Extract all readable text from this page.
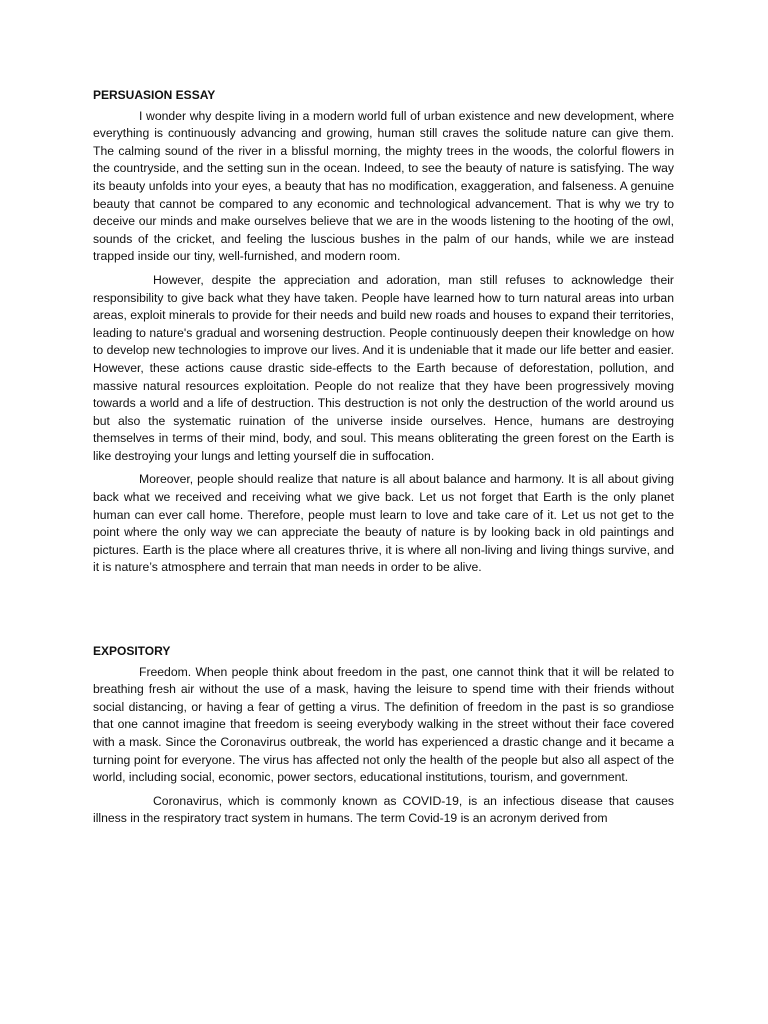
PERSUASION ESSAY

I wonder why despite living in a modern world full of urban existence and new development, where everything is continuously advancing and growing, human still craves the solitude nature can give them. The calming sound of the river in a blissful morning, the mighty trees in the woods, the colorful flowers in the countryside, and the setting sun in the ocean. Indeed, to see the beauty of nature is satisfying. The way its beauty unfolds into your eyes, a beauty that has no modification, exaggeration, and falseness. A genuine beauty that cannot be compared to any economic and technological advancement. That is why we try to deceive our minds and make ourselves believe that we are in the woods listening to the hooting of the owl, sounds of the cricket, and feeling the luscious bushes in the palm of our hands, while we are instead trapped inside our tiny, well-furnished, and modern room.

However, despite the appreciation and adoration, man still refuses to acknowledge their responsibility to give back what they have taken. People have learned how to turn natural areas into urban areas, exploit minerals to provide for their needs and build new roads and houses to expand their territories, leading to nature's gradual and worsening destruction. People continuously deepen their knowledge on how to develop new technologies to improve our lives. And it is undeniable that it made our life better and easier. However, these actions cause drastic side-effects to the Earth because of deforestation, pollution, and massive natural resources exploitation. People do not realize that they have been progressively moving towards a world and a life of destruction. This destruction is not only the destruction of the world around us but also the systematic ruination of the universe inside ourselves. Hence, humans are destroying themselves in terms of their mind, body, and soul. This means obliterating the green forest on the Earth is like destroying your lungs and letting yourself die in suffocation.

Moreover, people should realize that nature is all about balance and harmony. It is all about giving back what we received and receiving what we give back. Let us not forget that Earth is the only planet human can ever call home. Therefore, people must learn to love and take care of it. Let us not get to the point where the only way we can appreciate the beauty of nature is by looking back in old paintings and pictures. Earth is the place where all creatures thrive, it is where all non-living and living things survive, and it is nature’s atmosphere and terrain that man needs in order to be alive.

EXPOSITORY

Freedom. When people think about freedom in the past, one cannot think that it will be related to breathing fresh air without the use of a mask, having the leisure to spend time with their friends without social distancing, or having a fear of getting a virus. The definition of freedom in the past is so grandiose that one cannot imagine that freedom is seeing everybody walking in the street without their face covered with a mask. Since the Coronavirus outbreak, the world has experienced a drastic change and it became a turning point for everyone. The virus has affected not only the health of the people but also all aspect of the world, including social, economic, power sectors, educational institutions, tourism, and government.

Coronavirus, which is commonly known as COVID-19, is an infectious disease that causes illness in the respiratory tract system in humans. The term Covid-19 is an acronym derived from
